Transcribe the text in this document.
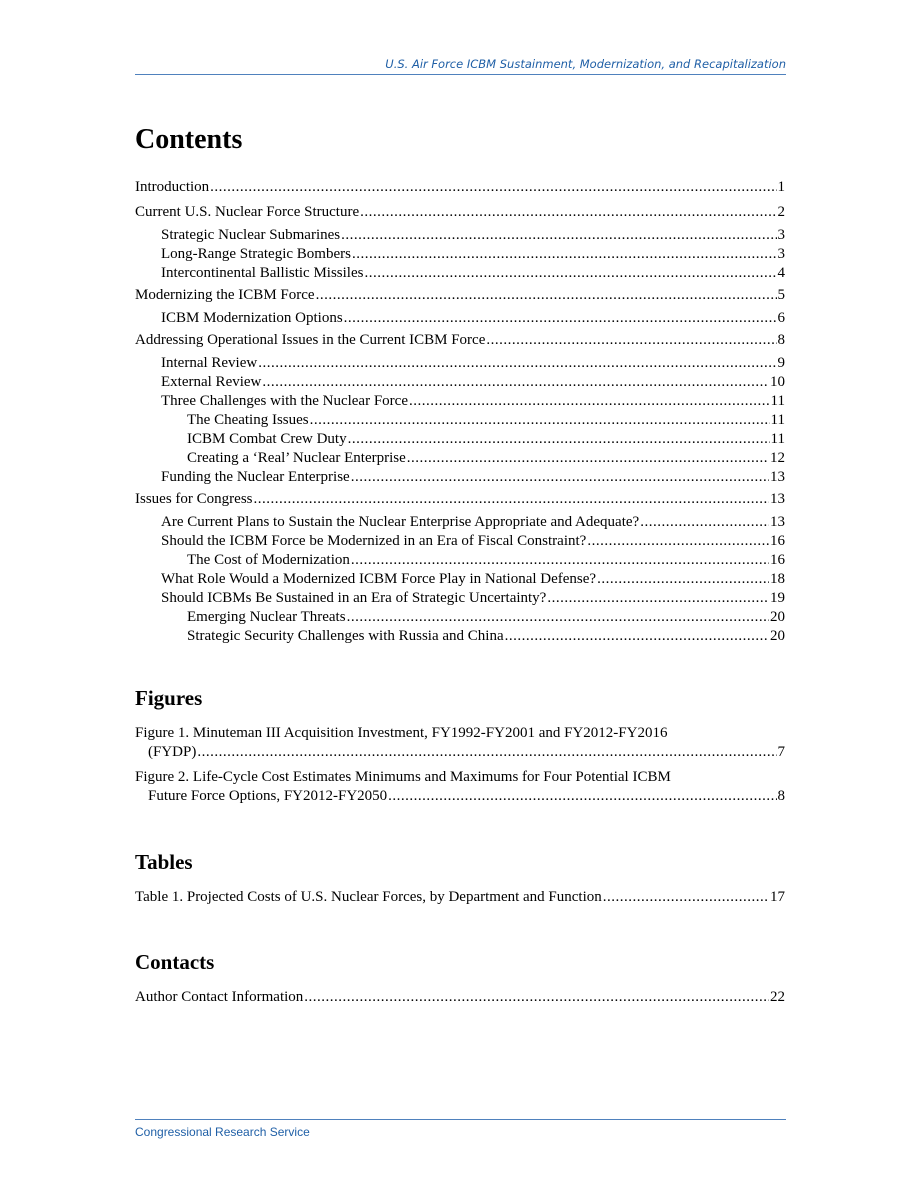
U.S. Air Force ICBM Sustainment, Modernization, and Recapitalization
Contents
Introduction .....	1
Current U.S. Nuclear Force Structure .....	2
Strategic Nuclear Submarines .....	3
Long-Range Strategic Bombers .....	3
Intercontinental Ballistic Missiles .....	4
Modernizing the ICBM Force .....	5
ICBM Modernization Options .....	6
Addressing Operational Issues in the Current ICBM Force .....	8
Internal Review .....	9
External Review .....	10
Three Challenges with the Nuclear Force .....	11
The Cheating Issues .....	11
ICBM Combat Crew Duty .....	11
Creating a ‘Real’ Nuclear Enterprise .....	12
Funding the Nuclear Enterprise .....	13
Issues for Congress .....	13
Are Current Plans to Sustain the Nuclear Enterprise Appropriate and Adequate? .....	13
Should the ICBM Force be Modernized in an Era of Fiscal Constraint? .....	16
The Cost of Modernization .....	16
What Role Would a Modernized ICBM Force Play in National Defense? .....	18
Should ICBMs Be Sustained in an Era of Strategic Uncertainty? .....	19
Emerging Nuclear Threats .....	20
Strategic Security Challenges with Russia and China .....	20
Figures
Figure 1. Minuteman III Acquisition Investment, FY1992-FY2001 and FY2012-FY2016
(FYDP) .....	7
Figure 2. Life-Cycle Cost Estimates Minimums and Maximums for Four Potential ICBM
Future Force Options, FY2012-FY2050 .....	8
Tables
Table 1. Projected Costs of U.S. Nuclear Forces, by Department and Function .....	17
Contacts
Author Contact Information .....	22
Congressional Research Service
